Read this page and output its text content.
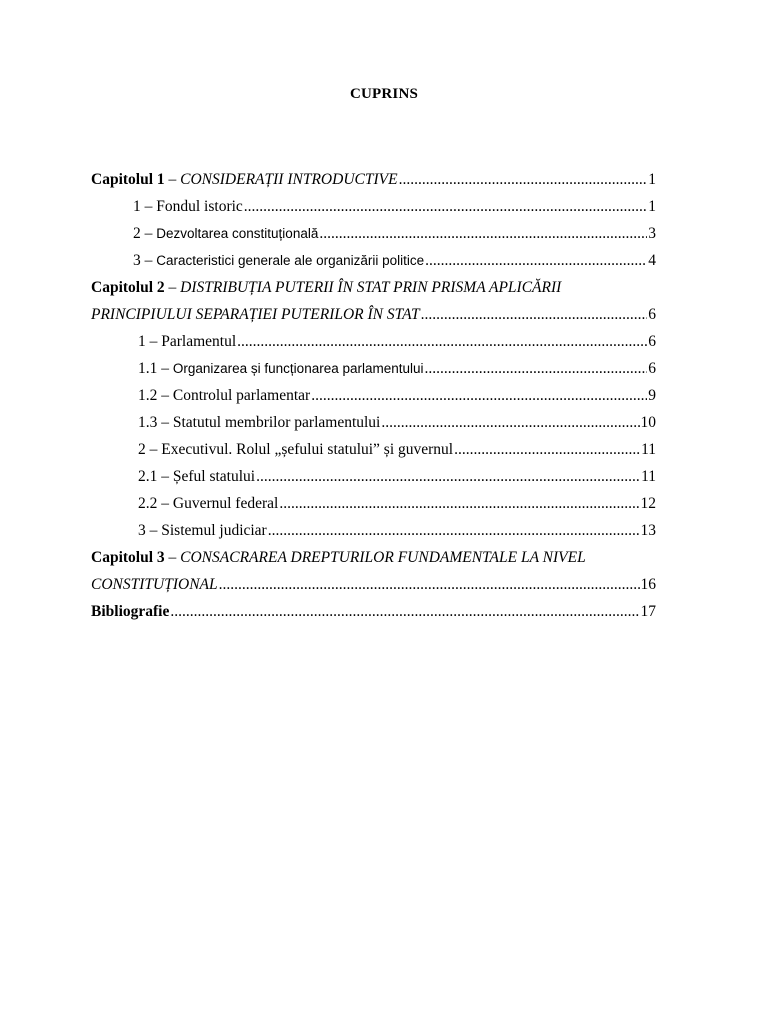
CUPRINS
Capitolul 1 – CONSIDERAȚII INTRODUCTIVE .....	1
1 – Fondul istoric .....	1
2 – Dezvoltarea constituțională .....	3
3 – Caracteristici generale ale organizării politice .....	4
Capitolul 2 – DISTRIBUȚIA PUTERII ÎN STAT PRIN PRISMA APLICĂRII
PRINCIPIULUI SEPARAȚIEI PUTERILOR ÎN STAT .....	6
1 – Parlamentul .....	6
1.1 – Organizarea și funcționarea parlamentului .....	6
1.2 – Controlul parlamentar .....	9
1.3 – Statutul membrilor parlamentului .....	10
2 – Executivul. Rolul „șefului statului” și guvernul .....	11
2.1 – Șeful statului .....	11
2.2 – Guvernul federal .....	12
3 – Sistemul judiciar .....	13
Capitolul 3 – CONSACRAREA DREPTURILOR FUNDAMENTALE LA NIVEL
CONSTITUȚIONAL .....	16
Bibliografie .....	17
